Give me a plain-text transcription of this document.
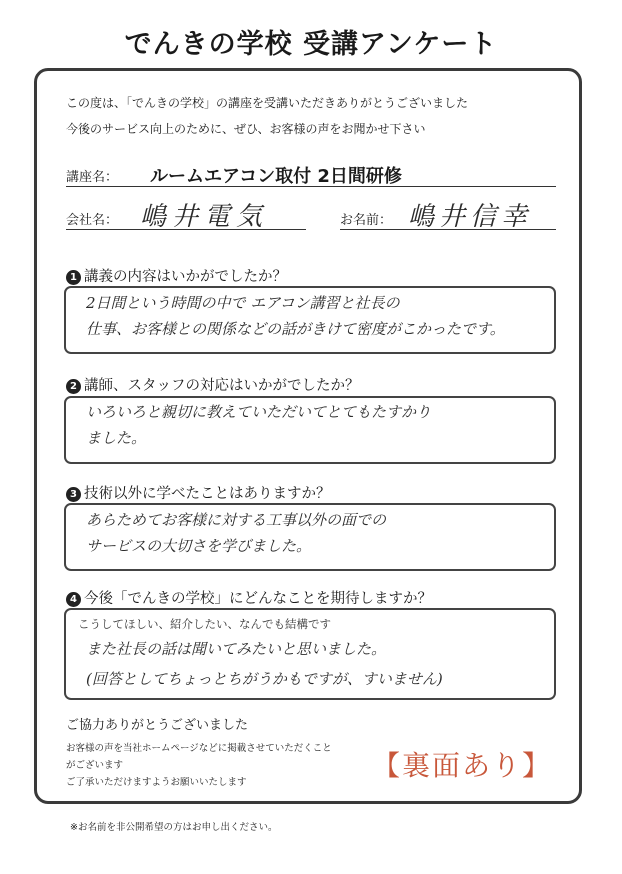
でんきの学校 受講アンケート
この度は、「でんきの学校」の講座を受講いただきありがとうございました
今後のサービス向上のために、ぜひ、お客様の声をお聞かせ下さい
講座名： ルームエアコン取付 2日間研修
会社名： 嶋井電気	お名前： 嶋井信幸
1 講義の内容はいかがでしたか？
2日間という時間の中で エアコン講習と社長の
仕事、お客様との関係などの話がきけて密度がこかったです。
2 講師、スタッフの対応はいかがでしたか？
いろいろと親切に教えていただいてとてもたすかり
ました。
3 技術以外に学べたことはありますか？
あらためてお客様に対する工事以外の面での
サービスの大切さを学びました。
4 今後「でんきの学校」にどんなことを期待しますか？
こうしてほしい、紹介したい、なんでも結構です
また社長の話は聞いてみたいと思いました。
(回答としてちょっとちがうかもですが、すいません)
ご協力ありがとうございました
お客様の声を当社ホームページなどに掲載させていただくこと
がございます
ご了承いただけますようお願いいたします
【裏面あり】
※お名前を非公開希望の方はお申し出ください。
